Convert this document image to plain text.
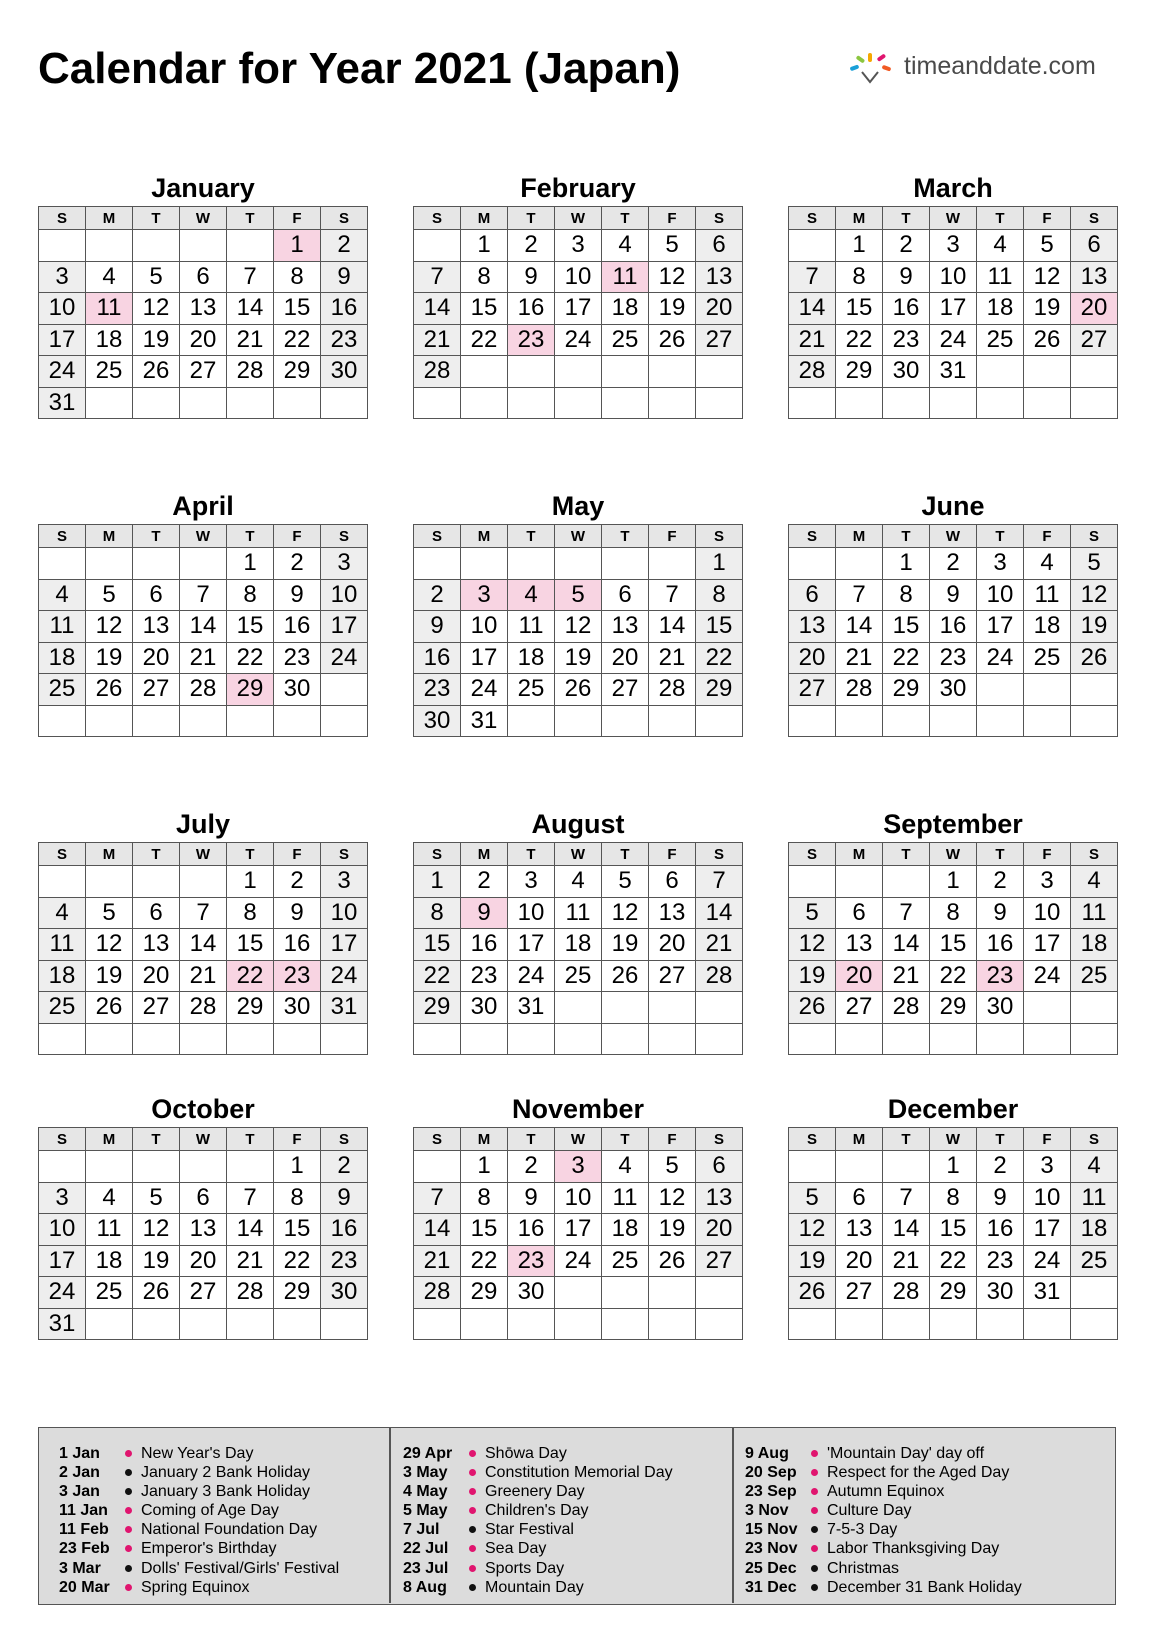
Calendar for Year 2021 (Japan)	timeanddate.com
January
S	M	T	W	T	F	S
					1	2
3	4	5	6	7	8	9
10	11	12	13	14	15	16
17	18	19	20	21	22	23
24	25	26	27	28	29	30
31						
February
S	M	T	W	T	F	S
	1	2	3	4	5	6
7	8	9	10	11	12	13
14	15	16	17	18	19	20
21	22	23	24	25	26	27
28						

March
S	M	T	W	T	F	S
	1	2	3	4	5	6
7	8	9	10	11	12	13
14	15	16	17	18	19	20
21	22	23	24	25	26	27
28	29	30	31			

April
S	M	T	W	T	F	S
				1	2	3
4	5	6	7	8	9	10
11	12	13	14	15	16	17
18	19	20	21	22	23	24
25	26	27	28	29	30	

May
S	M	T	W	T	F	S
						1
2	3	4	5	6	7	8
9	10	11	12	13	14	15
16	17	18	19	20	21	22
23	24	25	26	27	28	29
30	31					
June
S	M	T	W	T	F	S
		1	2	3	4	5
6	7	8	9	10	11	12
13	14	15	16	17	18	19
20	21	22	23	24	25	26
27	28	29	30			

July
S	M	T	W	T	F	S
				1	2	3
4	5	6	7	8	9	10
11	12	13	14	15	16	17
18	19	20	21	22	23	24
25	26	27	28	29	30	31

August
S	M	T	W	T	F	S
1	2	3	4	5	6	7
8	9	10	11	12	13	14
15	16	17	18	19	20	21
22	23	24	25	26	27	28
29	30	31				

September
S	M	T	W	T	F	S
			1	2	3	4
5	6	7	8	9	10	11
12	13	14	15	16	17	18
19	20	21	22	23	24	25
26	27	28	29	30		

October
S	M	T	W	T	F	S
					1	2
3	4	5	6	7	8	9
10	11	12	13	14	15	16
17	18	19	20	21	22	23
24	25	26	27	28	29	30
31						
November
S	M	T	W	T	F	S
	1	2	3	4	5	6
7	8	9	10	11	12	13
14	15	16	17	18	19	20
21	22	23	24	25	26	27
28	29	30				

December
S	M	T	W	T	F	S
			1	2	3	4
5	6	7	8	9	10	11
12	13	14	15	16	17	18
19	20	21	22	23	24	25
26	27	28	29	30	31	

1 Jan	New Year's Day
2 Jan	January 2 Bank Holiday
3 Jan	January 3 Bank Holiday
11 Jan Coming of Age Day
11 Feb National Foundation Day
23 Feb Emperor's Birthday
3 Mar	Dolls' Festival/Girls' Festival
20 Mar Spring Equinox
29 Apr Shōwa Day
3 May Constitution Memorial Day
4 May Greenery Day
5 May Children's Day
7 Jul	Star Festival
22 Jul Sea Day
23 Jul Sports Day
8 Aug Mountain Day
9 Aug 'Mountain Day' day off
20 Sep Respect for the Aged Day
23 Sep Autumn Equinox
3 Nov Culture Day
15 Nov 7-5-3 Day
23 Nov Labor Thanksgiving Day
25 Dec Christmas
31 Dec December 31 Bank Holiday
